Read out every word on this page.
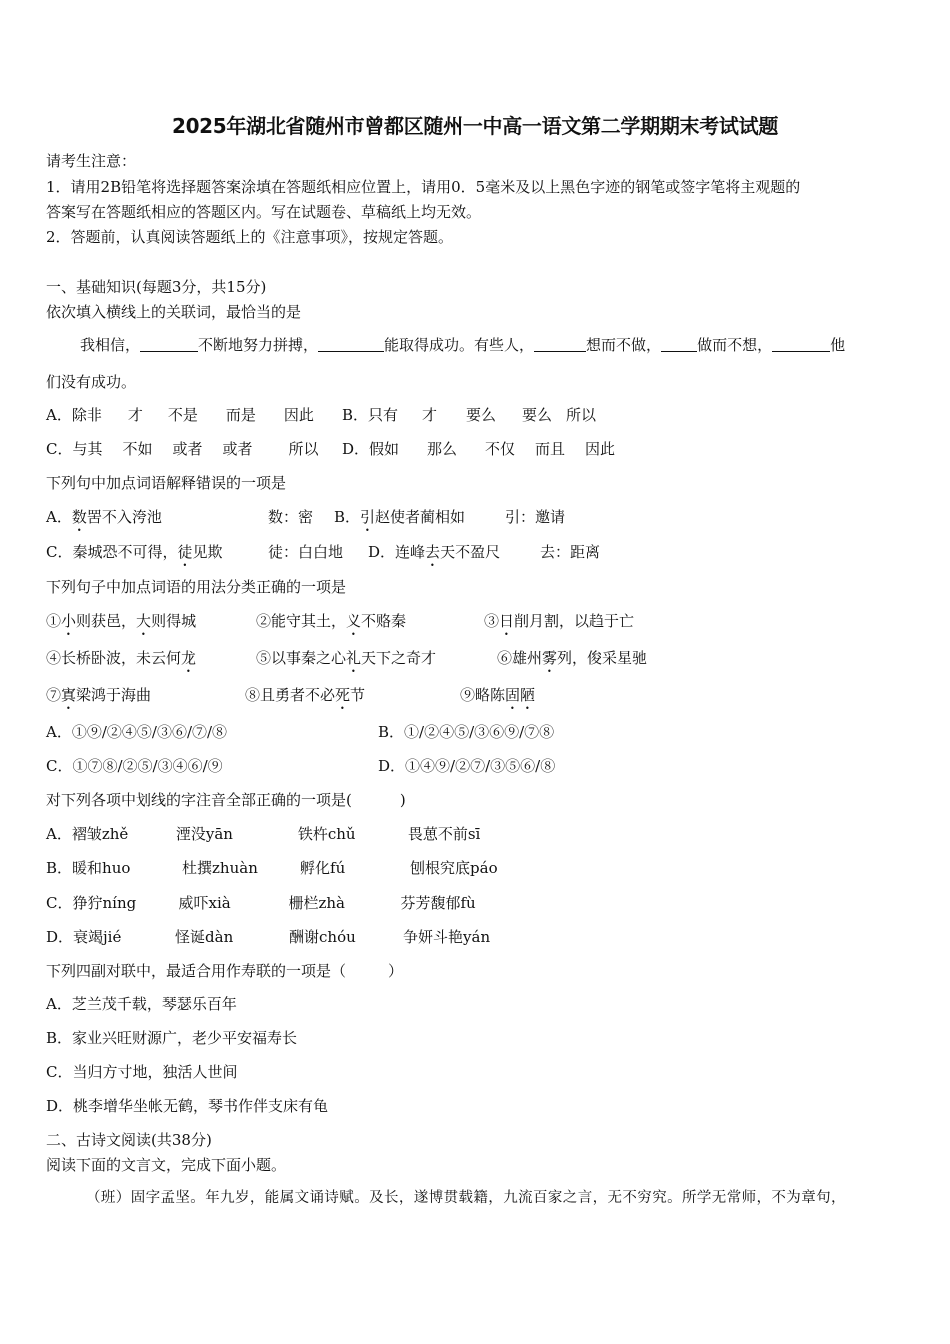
2025年湖北省随州市曾都区随州一中高一语文第二学期期末考试试题
请考生注意：
1．请用2B铅笔将选择题答案涂填在答题纸相应位置上，请用0．5毫米及以上黑色字迹的钢笔或签字笔将主观题的
答案写在答题纸相应的答题区内。写在试题卷、草稿纸上均无效。
2．答题前，认真阅读答题纸上的《注意事项》，按规定答题。
一、基础知识(每题3分，共15分)
依次填入横线上的关联词，最恰当的是
我相信，	不断地努力拼搏，	能取得成功。有些人，	想而不做， 做而不想，	他
们没有成功。
A．除非 才 不是 而是 因此	B．只有 才 要么 要么 所以
C．与其 不如 或者 或者 所以	D．假如 那么 不仅 而且 因此
下列句中加点词语解释错误的一项是
A．数罟不入洿池	数：密 B．引赵使者蔺相如	引：邀请
C．秦城恐不可得，徒见欺	徒：白白地 D．连峰去天不盈尺	去：距离
下列句子中加点词语的用法分类正确的一项是
①小则获邑，大则得城	②能守其土，义不赂秦	③日削月割，以趋于亡
④长桥卧波，未云何龙	⑤以事秦之心礼天下之奇才	⑥雄州雾列，俊采星驰
⑦寘梁鸿于海曲	⑧且勇者不必死节	⑨略陈固陋
A．①⑨/②④⑤/③⑥/⑦/⑧	B．①/②④⑤/③⑥⑨/⑦⑧
C．①⑦⑧/②⑤/③④⑥/⑨	D．①④⑨/②⑦/③⑤⑥/⑧
对下列各项中划线的字注音全部正确的一项是(	)
A．褶皱zhě	湮没yān	铁杵chǔ	畏葸不前sī
B．暖和huo	杜撰zhuàn	孵化fú	刨根究底páo
C．狰狞níng	威吓xià	栅栏zhà	芬芳馥郁fù
D．衰竭jié	怪诞dàn	酬谢chóu	争妍斗艳yán
下列四副对联中，最适合用作寿联的一项是（	）
A．芝兰茂千载，琴瑟乐百年
B．家业兴旺财源广，老少平安福寿长
C．当归方寸地，独活人世间
D．桃李增华坐帐无鹤，琴书作伴支床有龟
二、古诗文阅读(共38分)
阅读下面的文言文，完成下面小题。
（班）固字孟坚。年九岁，能属文诵诗赋。及长，遂博贯载籍，九流百家之言，无不穷究。所学无常师，不为章句，
